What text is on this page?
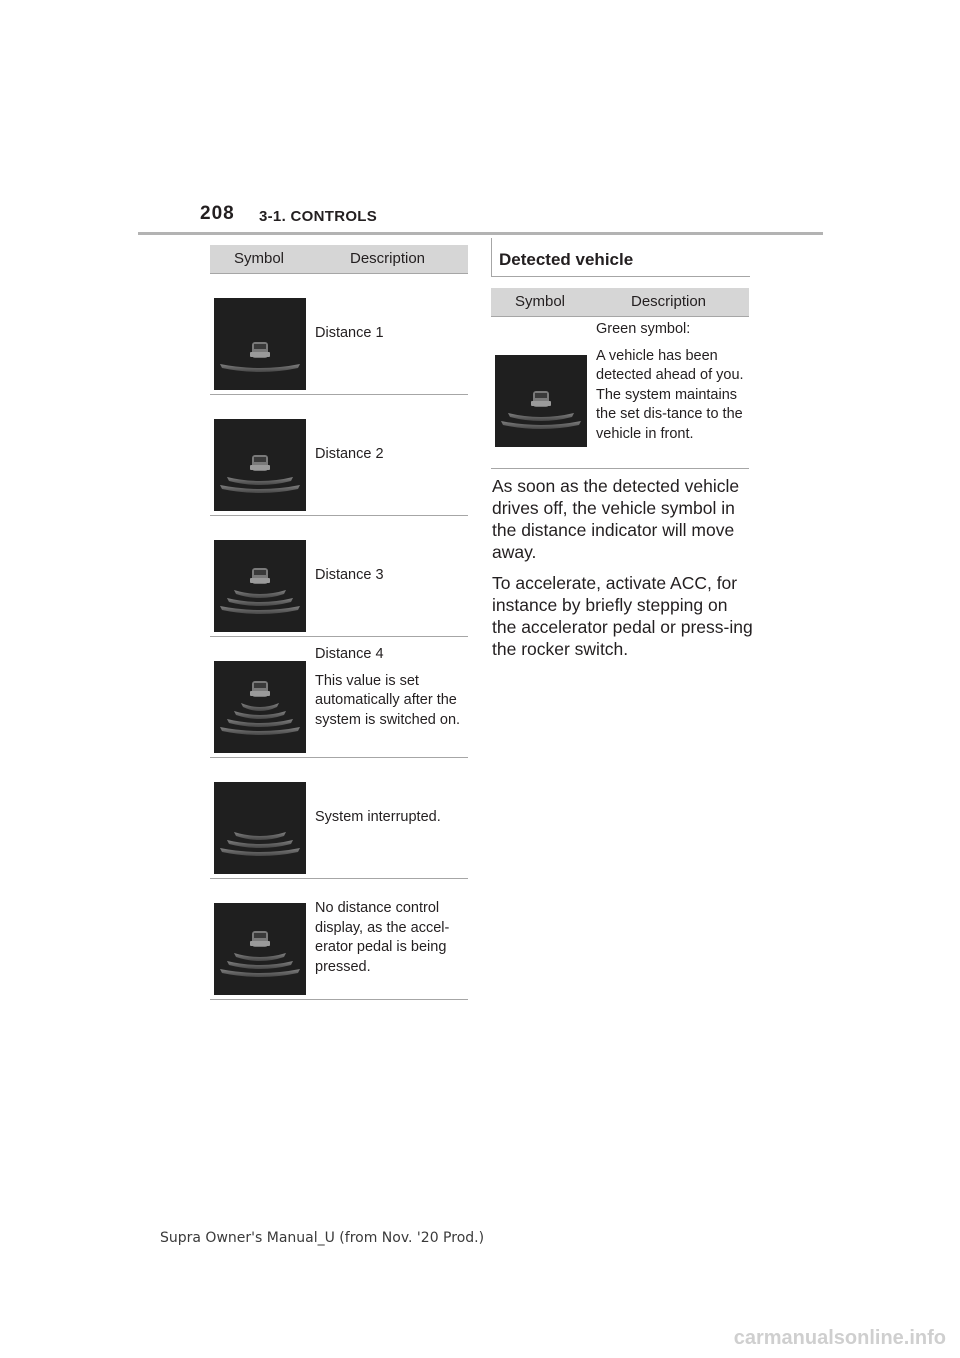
208 3-1. CONTROLS
Symbol	Description

Distance 1

Distance 2

Distance 3

Distance 4

This value is set automatically after the system is switched on.

System interrupted.

No distance control display, as the accel-erator pedal is being pressed.

Detected vehicle
Symbol	Description

Green symbol:

A vehicle has been detected ahead of you. The system maintains the set dis-tance to the vehicle in front.

As soon as the detected vehicle drives off, the vehicle symbol in the distance indicator will move away.

To accelerate, activate ACC, for instance by briefly stepping on the accelerator pedal or press-ing the rocker switch.

Supra Owner's Manual_U (from Nov. '20 Prod.)
carmanualsonline.info
